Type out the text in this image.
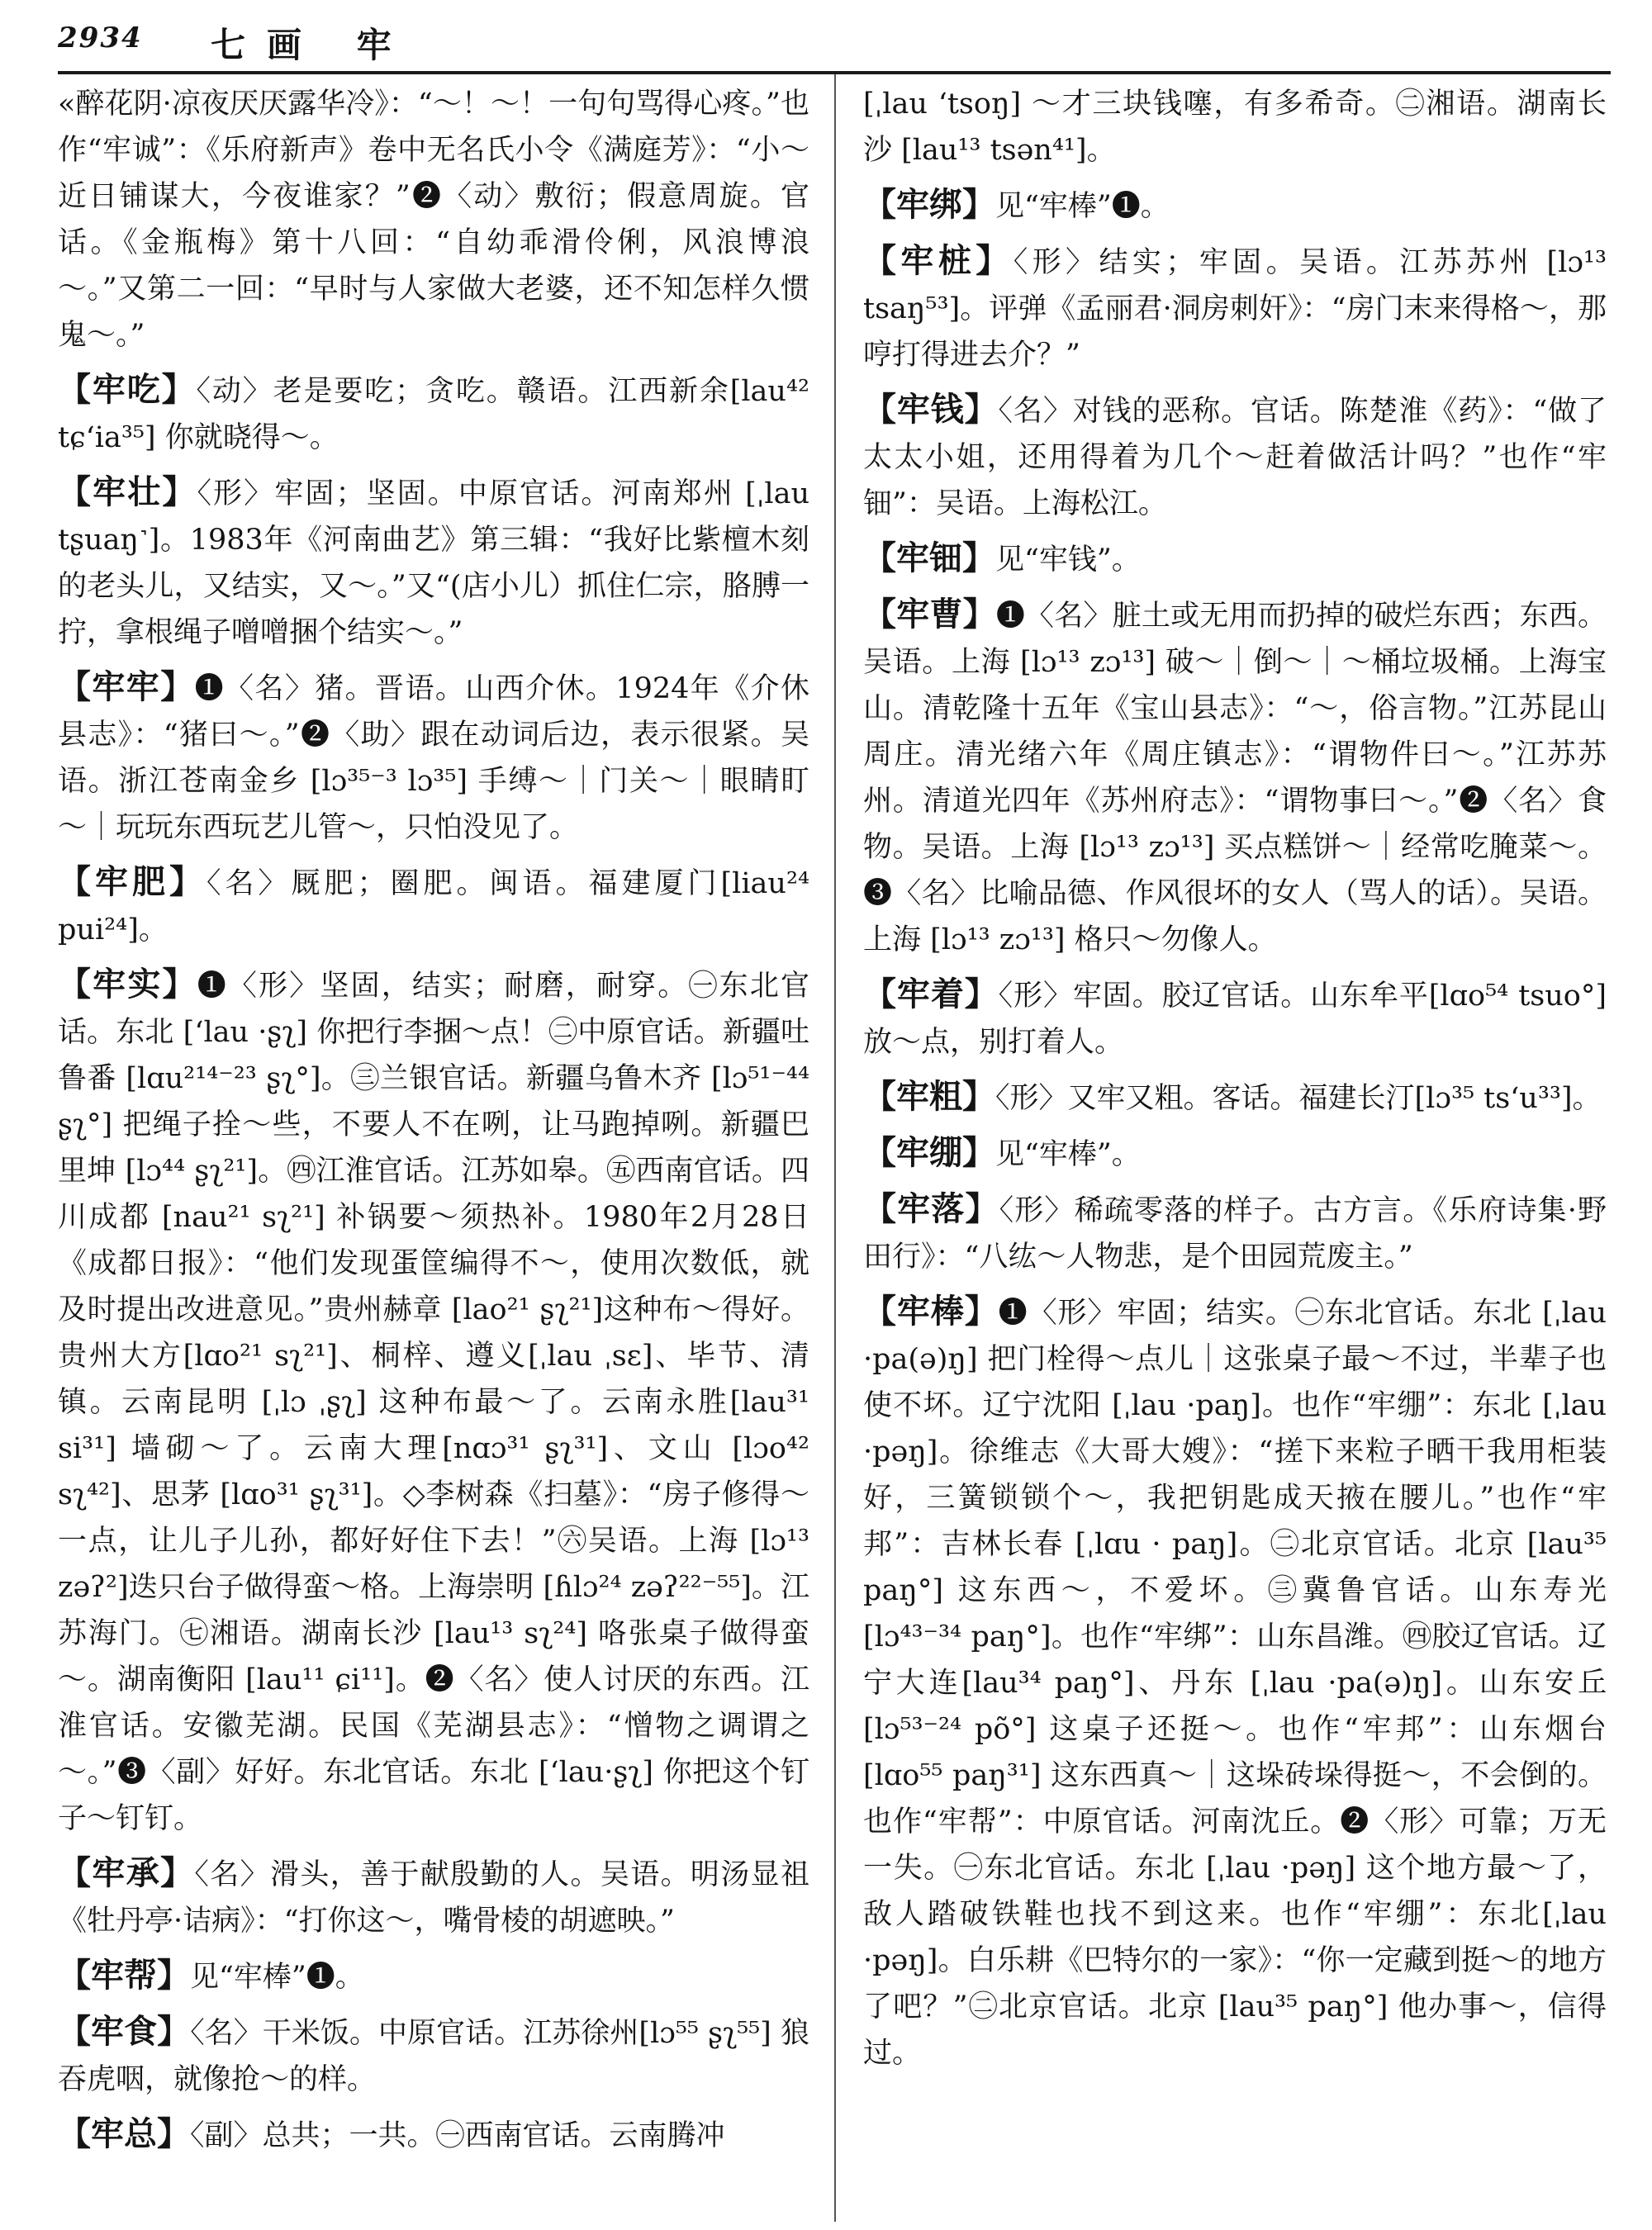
2934 七画 牢
«醉花阴·凉夜厌厌露华冷》：“～！～！一句句骂得心疼。”也作“牢诚”：《乐府新声》卷中无名氏小令《满庭芳》：“小～近日铺谋大，今夜谁家？”❷〈动〉敷衍；假意周旋。官话。《金瓶梅》第十八回：“自幼乖滑伶俐，风浪博浪～。”又第二一回：“早时与人家做大老婆，还不知怎样久惯鬼～。”
【牢吃】〈动〉老是要吃；贪吃。赣语。江西新余[lau⁴² tɕʻia³⁵] 你就晓得～。
【牢壮】〈形〉牢固；坚固。中原官话。河南郑州 [ˌlau tʂuaŋ˺]。1983年《河南曲艺》第三辑：“我好比紫檀木刻的老头儿，又结实，又～。”又“(店小儿）抓住仁宗，胳膊一拧，拿根绳子噌噌捆个结实～。”
【牢牢】❶〈名〉猪。晋语。山西介休。1924年《介休县志》：“猪曰～。”❷〈助〉跟在动词后边，表示很紧。吴语。浙江苍南金乡 [lɔ³⁵⁻³ lɔ³⁵] 手缚～｜门关～｜眼睛盯～｜玩玩东西玩艺儿管～，只怕没见了。
【牢肥】〈名〉厩肥；圈肥。闽语。福建厦门[liau²⁴ pui²⁴]。
【牢实】❶〈形〉坚固，结实；耐磨，耐穿。㊀东北官话。东北 [ʻlau ·ʂʅ] 你把行李捆～点！㊁中原官话。新疆吐鲁番 [lɑu²¹⁴⁻²³ ʂʅ°]。㊂兰银官话。新疆乌鲁木齐 [lɔ⁵¹⁻⁴⁴ ʂʅ°] 把绳子拴～些，不要人不在咧，让马跑掉咧。新疆巴里坤 [lɔ⁴⁴ ʂʅ²¹]。㊃江淮官话。江苏如皋。㊄西南官话。四川成都 [nau²¹ sʅ²¹] 补锅要～须热补。1980年2月28日《成都日报》：“他们发现蛋筐编得不～，使用次数低，就及时提出改进意见。”贵州赫章 [lao²¹ ʂʅ²¹]这种布～得好。贵州大方[lɑo²¹ sʅ²¹]、桐梓、遵义[ˌlau ˌsɛ]、毕节、清镇。云南昆明 [ˌlɔ ˌʂʅ] 这种布最～了。云南永胜[lau³¹ si³¹] 墙砌～了。云南大理[nɑɔ³¹ ʂʅ³¹]、文山 [lɔo⁴² sʅ⁴²]、思茅 [lɑo³¹ ʂʅ³¹]。◇李树森《扫墓》：“房子修得～一点，让儿子儿孙，都好好住下去！”㊅吴语。上海 [lɔ¹³ zəʔ²]迭只台子做得蛮～格。上海崇明 [ɦlɔ²⁴ zəʔ²²⁻⁵⁵]。江苏海门。㊆湘语。湖南长沙 [lau¹³ sʅ²⁴] 咯张桌子做得蛮～。湖南衡阳 [lau¹¹ ɕi¹¹]。❷〈名〉使人讨厌的东西。江淮官话。安徽芜湖。民国《芜湖县志》：“憎物之调谓之～。”❸〈副〉好好。东北官话。东北 [ʻlau·ʂʅ] 你把这个钉子～钉钉。
【牢承】〈名〉滑头，善于献殷勤的人。吴语。明汤显祖《牡丹亭·诘病》：“打你这～，嘴骨棱的胡遮映。”
【牢帮】见“牢棒”❶。
【牢食】〈名〉干米饭。中原官话。江苏徐州[lɔ⁵⁵ ʂʅ⁵⁵] 狼吞虎咽，就像抢～的样。
【牢总】〈副〉总共；一共。㊀西南官话。云南腾冲
[ˌlau ʻtsoŋ] ～才三块钱噻，有多希奇。㊁湘语。湖南长沙 [lau¹³ tsən⁴¹]。
【牢绑】见“牢棒”❶。
【牢桩】〈形〉结实；牢固。吴语。江苏苏州 [lɔ¹³ tsaŋ⁵³]。评弹《孟丽君·洞房刺奸》：“房门末来得格～，那哼打得进去介？”
【牢钱】〈名〉对钱的恶称。官话。陈楚淮《药》：“做了太太小姐，还用得着为几个～赶着做活计吗？”也作“牢钿”：吴语。上海松江。
【牢钿】见“牢钱”。
【牢曹】❶〈名〉脏土或无用而扔掉的破烂东西；东西。吴语。上海 [lɔ¹³ zɔ¹³] 破～｜倒～｜～桶垃圾桶。上海宝山。清乾隆十五年《宝山县志》：“～，俗言物。”江苏昆山周庄。清光绪六年《周庄镇志》：“谓物件曰～。”江苏苏州。清道光四年《苏州府志》：“谓物事曰～。”❷〈名〉食物。吴语。上海 [lɔ¹³ zɔ¹³] 买点糕饼～｜经常吃腌菜～。❸〈名〉比喻品德、作风很坏的女人（骂人的话）。吴语。上海 [lɔ¹³ zɔ¹³] 格只～勿像人。
【牢着】〈形〉牢固。胶辽官话。山东牟平[lɑo⁵⁴ tsuo°] 放～点，别打着人。
【牢粗】〈形〉又牢又粗。客话。福建长汀[lɔ³⁵ tsʻu³³]。
【牢绷】见“牢棒”。
【牢落】〈形〉稀疏零落的样子。古方言。《乐府诗集·野田行》：“八纮～人物悲，是个田园荒废主。”
【牢棒】❶〈形〉牢固；结实。㊀东北官话。东北 [ˌlau ·pa(ə)ŋ] 把门栓得～点儿｜这张桌子最～不过，半辈子也使不坏。辽宁沈阳 [ˌlau ·paŋ]。也作“牢绷”：东北 [ˌlau ·pəŋ]。徐维志《大哥大嫂》：“搓下来粒子晒干我用柜装好，三簧锁锁个～，我把钥匙成天掖在腰儿。”也作“牢邦”：吉林长春 [ˌlɑu · paŋ]。㊁北京官话。北京 [lau³⁵ paŋ°] 这东西～，不爱坏。㊂冀鲁官话。山东寿光 [lɔ⁴³⁻³⁴ paŋ°]。也作“牢绑”：山东昌潍。㊃胶辽官话。辽宁大连[lau³⁴ paŋ°]、丹东 [ˌlau ·pa(ə)ŋ]。山东安丘 [lɔ⁵³⁻²⁴ põ°] 这桌子还挺～。也作“牢邦”：山东烟台 [lɑo⁵⁵ paŋ³¹] 这东西真～｜这垛砖垛得挺～，不会倒的。也作“牢帮”：中原官话。河南沈丘。❷〈形〉可靠；万无一失。㊀东北官话。东北 [ˌlau ·pəŋ] 这个地方最～了，敌人踏破铁鞋也找不到这来。也作“牢绷”：东北[ˌlau ·pəŋ]。白乐耕《巴特尔的一家》：“你一定藏到挺～的地方了吧？”㊁北京官话。北京 [lau³⁵ paŋ°] 他办事～，信得过。
